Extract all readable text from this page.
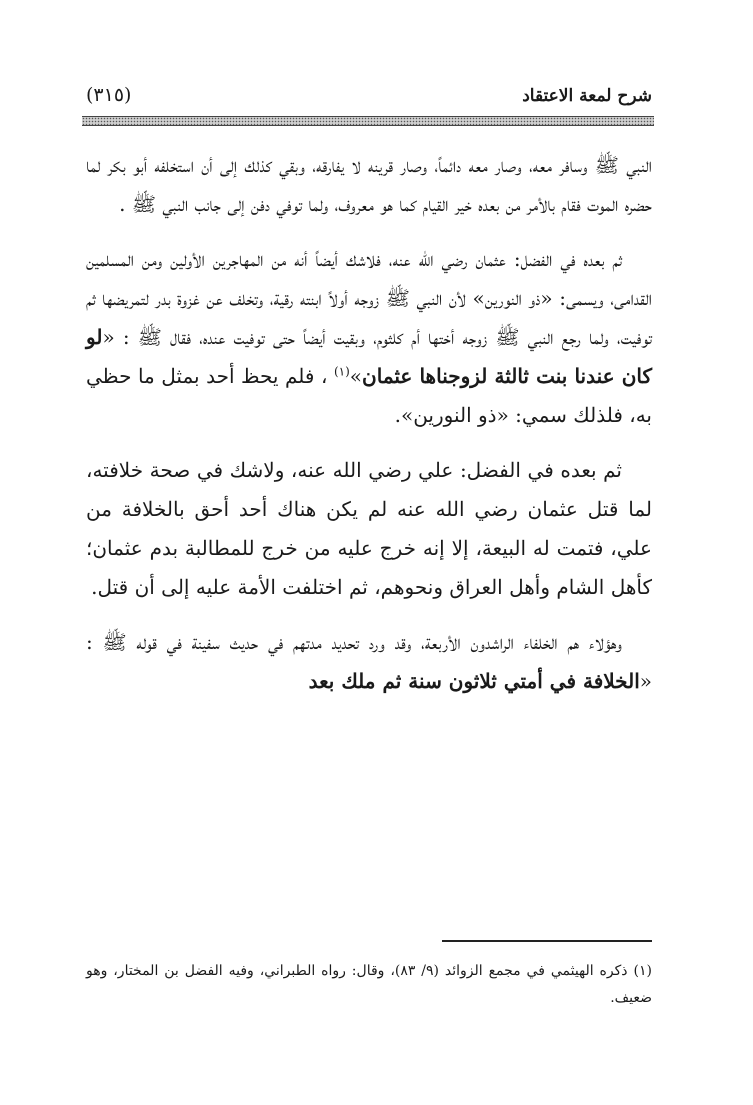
شرح لمعة الاعتقاد
(٣١٥)

النبي ﷺ وسافر معه، وصار معه دائماً، وصار قرينه لا يفارقه، وبقي كذلك إلى أن استخلفه أبو بكر لما حضره الموت فقام بالأمر من بعده خير القيام كما هو معروف، ولما توفي دفن إلى جانب النبي ﷺ .

ثم بعده في الفضل: عثمان رضي الله عنه، فلاشك أيضاً أنه من المهاجرين الأولين ومن المسلمين القدامى، ويسمى: «ذو النورين» لأن النبي ﷺ زوجه أولاً ابنته رقية، وتخلف عن غزوة بدر لتمريضها ثم توفيت، ولما رجع النبي ﷺ زوجه أختها أم كلثوم، وبقيت أيضاً حتى توفيت عنده، فقال ﷺ : «لو كان عندنا بنت ثالثة لزوجناها عثمان»$^{(١)}$ ، فلم يحظ أحد بمثل ما حظي به، فلذلك سمي: «ذو النورين».

ثم بعده في الفضل: علي رضي الله عنه، ولاشك في صحة خلافته، لما قتل عثمان رضي الله عنه لم يكن هناك أحد أحق بالخلافة من علي، فتمت له البيعة، إلا إنه خرج عليه من خرج للمطالبة بدم عثمان؛ كأهل الشام وأهل العراق ونحوهم، ثم اختلفت الأمة عليه إلى أن قتل.

وهؤلاء هم الخلفاء الراشدون الأربعة، وقد ورد تحديد مدتهم في حديث سفينة في قوله ﷺ : «الخلافة في أمتي ثلاثون سنة ثم ملك بعد

(١)ذكره الهيثمي في مجمع الزوائد (٩/ ٨٣)، وقال: رواه الطبراني، وفيه الفضل بن المختار، وهو ضعيف.
